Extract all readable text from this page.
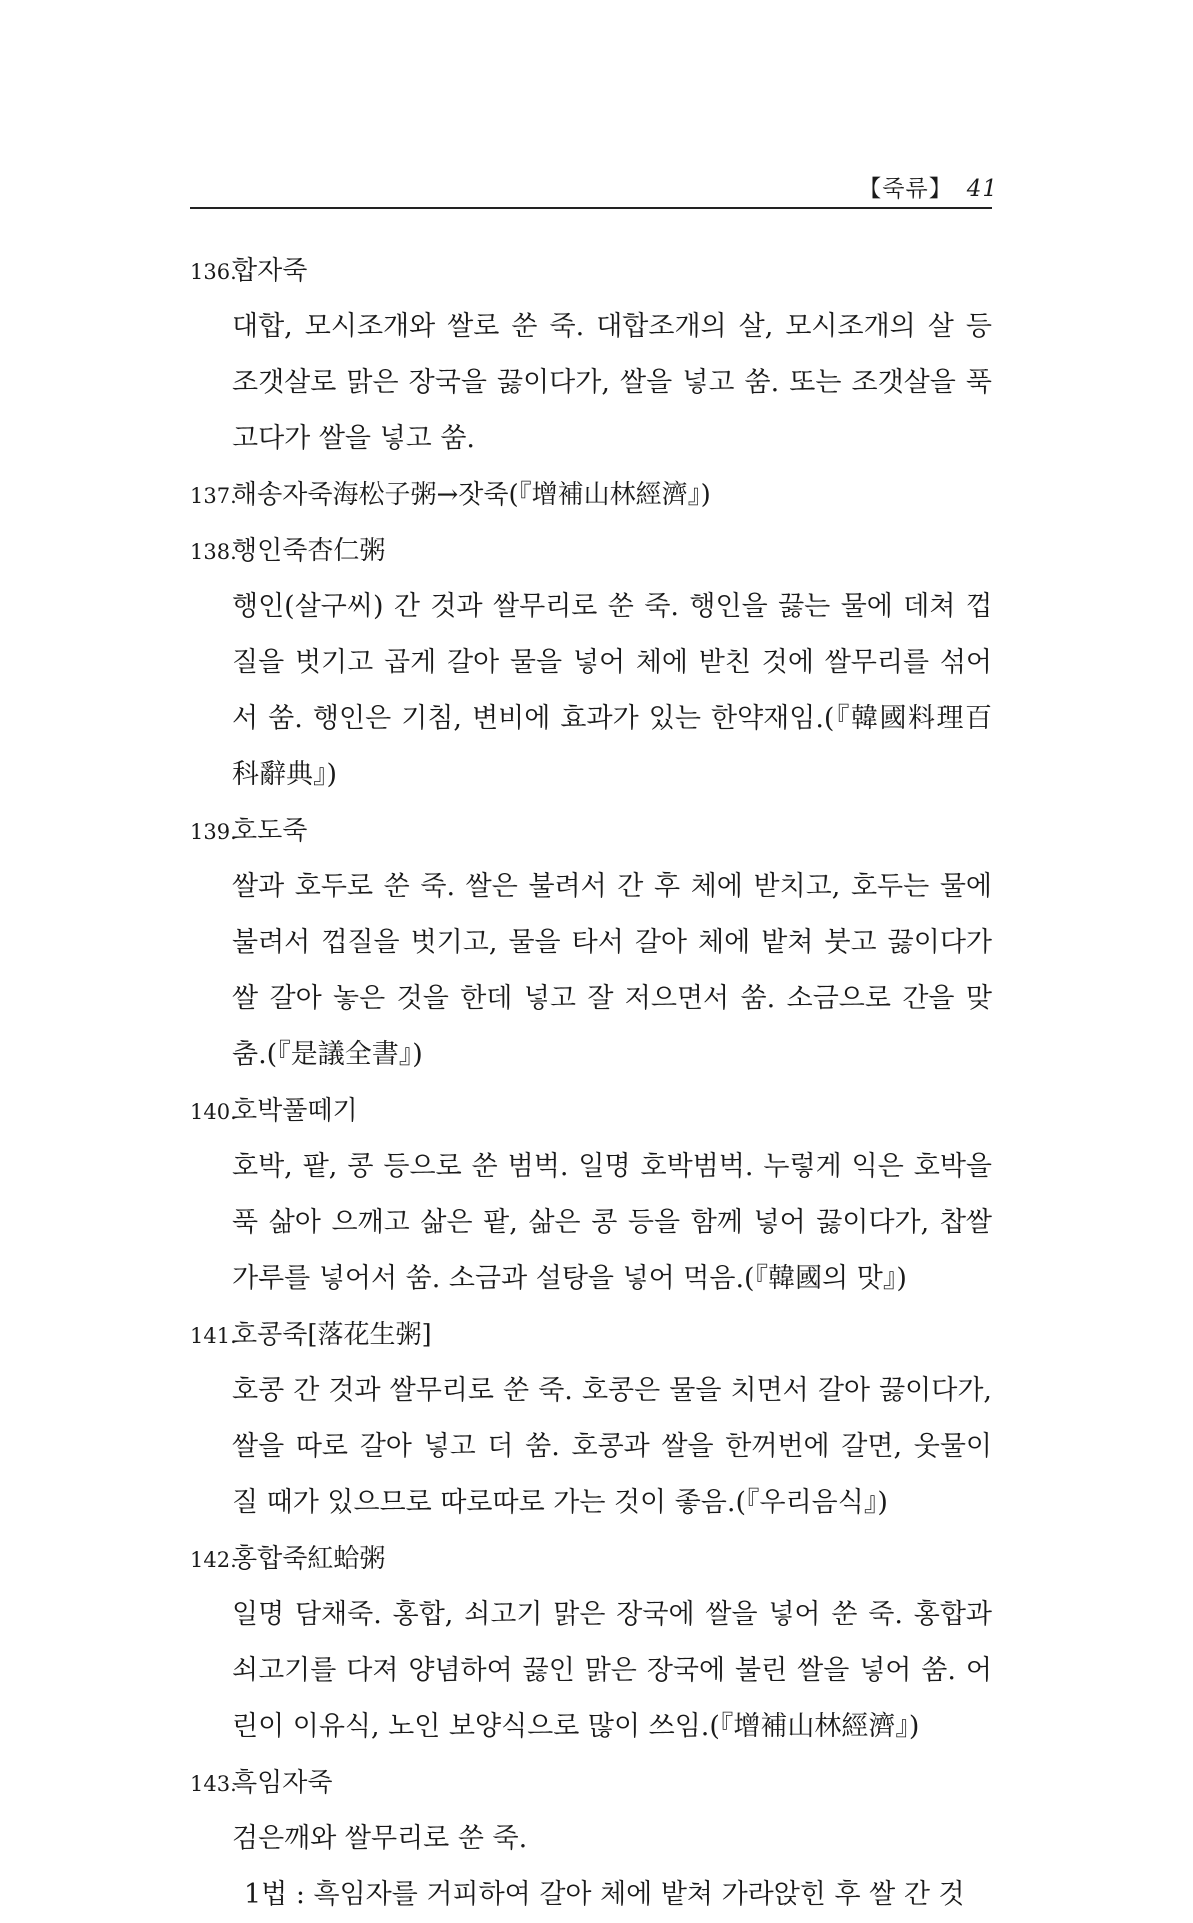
【죽류】 41
136.합자죽

대합, 모시조개와 쌀로 쑨 죽. 대합조개의 살, 모시조개의 살 등 조갯살로 맑은 장국을 끓이다가, 쌀을 넣고 쑴. 또는 조갯살을 푹 고다가 쌀을 넣고 쑴.

137.해송자죽海松子粥→잣죽(『增補山林經濟』)
138.행인죽杏仁粥

행인(살구씨) 간 것과 쌀무리로 쑨 죽. 행인을 끓는 물에 데쳐 껍질을 벗기고 곱게 갈아 물을 넣어 체에 받친 것에 쌀무리를 섞어서 쑴. 행인은 기침, 변비에 효과가 있는 한약재임.(『韓國料理百科辭典』)

139.호도죽

쌀과 호두로 쑨 죽. 쌀은 불려서 간 후 체에 받치고, 호두는 물에 불려서 껍질을 벗기고, 물을 타서 갈아 체에 밭쳐 붓고 끓이다가 쌀 갈아 놓은 것을 한데 넣고 잘 저으면서 쑴. 소금으로 간을 맞춤.(『是議全書』)

140.호박풀떼기

호박, 팥, 콩 등으로 쑨 범벅. 일명 호박범벅. 누렇게 익은 호박을 푹 삶아 으깨고 삶은 팥, 삶은 콩 등을 함께 넣어 끓이다가, 찹쌀가루를 넣어서 쑴. 소금과 설탕을 넣어 먹음.(『韓國의 맛』)

141.호콩죽[落花生粥]

호콩 간 것과 쌀무리로 쑨 죽. 호콩은 물을 치면서 갈아 끓이다가, 쌀을 따로 갈아 넣고 더 쑴. 호콩과 쌀을 한꺼번에 갈면, 웃물이 질 때가 있으므로 따로따로 가는 것이 좋음.(『우리음식』)

142.홍합죽紅蛤粥

일명 담채죽. 홍합, 쇠고기 맑은 장국에 쌀을 넣어 쑨 죽. 홍합과 쇠고기를 다져 양념하여 끓인 맑은 장국에 불린 쌀을 넣어 쑴. 어린이 이유식, 노인 보양식으로 많이 쓰임.(『增補山林經濟』)

143.흑임자죽

검은깨와 쌀무리로 쑨 죽.

1법 : 흑임자를 거피하여 갈아 체에 밭쳐 가라앉힌 후 쌀 간 것
